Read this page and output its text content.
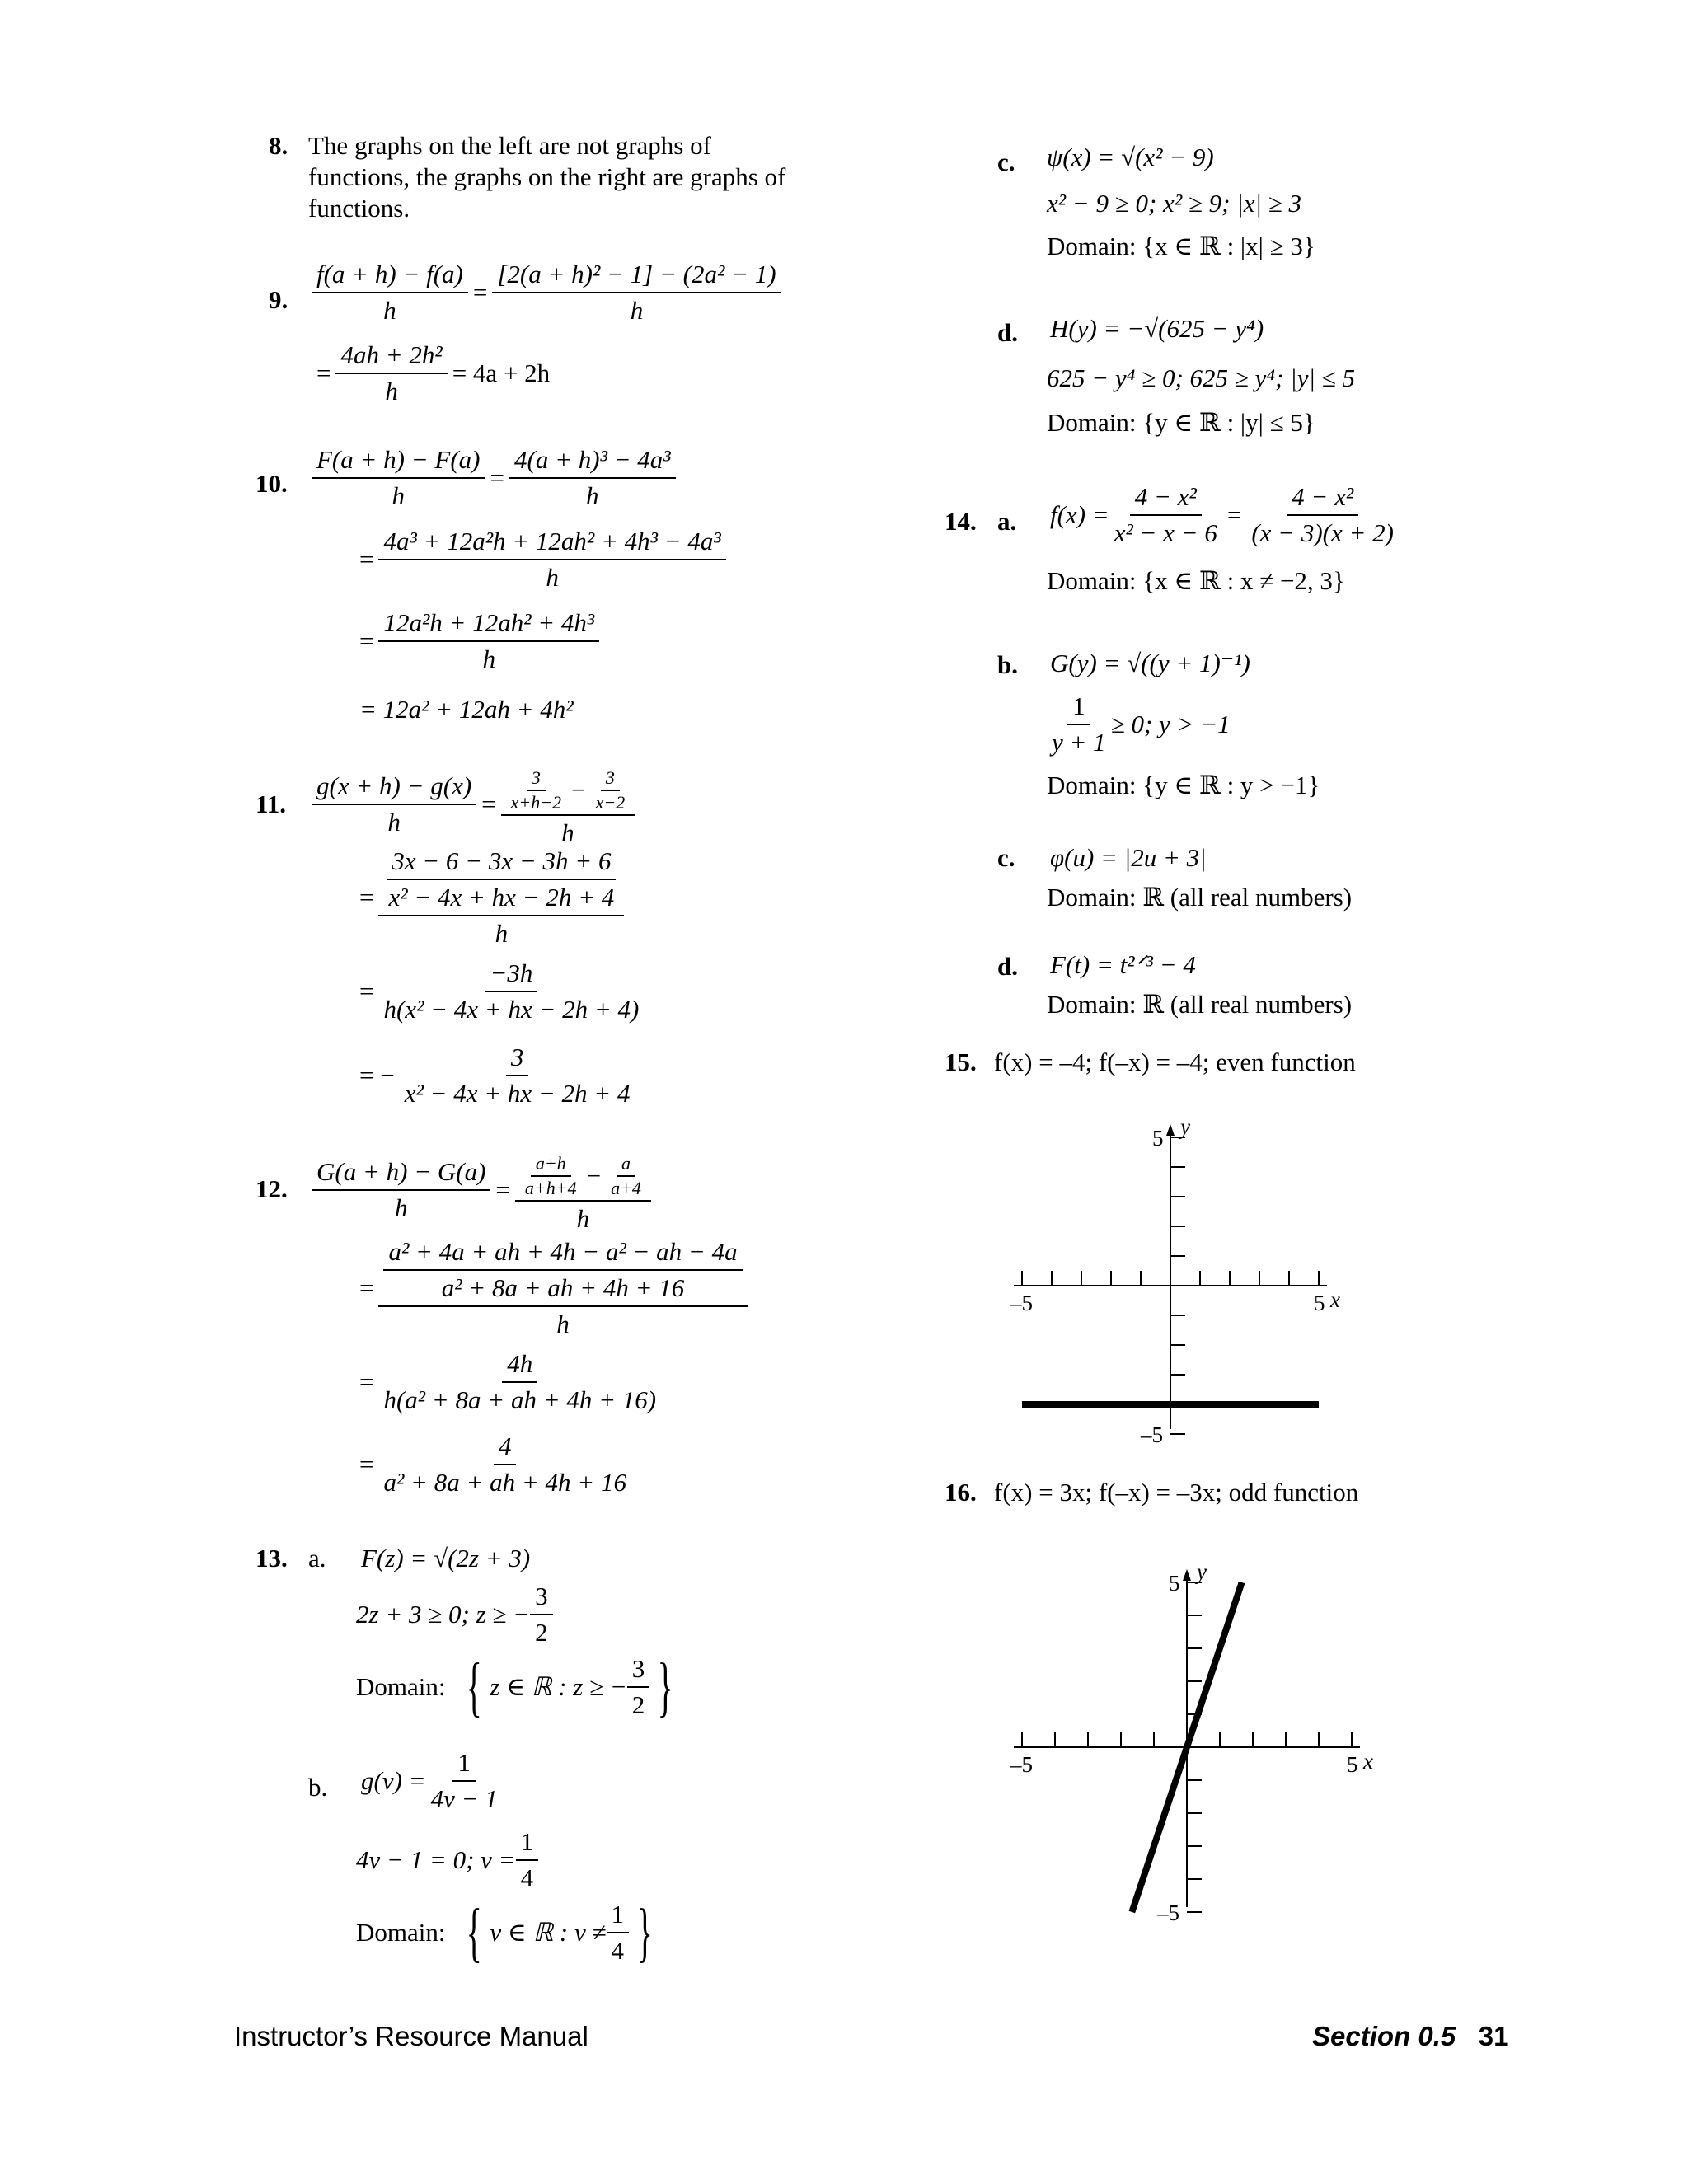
8. The graphs on the left are not graphs of
functions, the graphs on the right are graphs of
functions.
9. $\frac{f(a + h) - f(a)}{h} = \frac{\text{[2(a + h)² − 1] − (2a² − 1)}}{h}$
= $\frac{\text{4ah + 2h²}}{h} = 4a + 2h$
10. $\frac{F(a + h) - F(a)}{h} = \frac{\text{4(a + h)³ − 4a³}}{h}$
= $\frac{\text{4a³ + 12a²h + 12ah² + 4h³ − 4a³}}{h}$
= $\frac{\text{12a²h + 12ah² + 4h³}}{h}$
= 12a² + 12ah + 4h²
11. $\frac{g(x + h) - g(x)}{h} = \frac{\frac{3}{x+h-2} - \frac{3}{x-2}}{h}$
= $\frac{\frac{3x - 6 - 3x - 3h + 6}{\text{x² − 4x + hx − 2h + 4}}}{h}$
= $\frac{-3h}{\text{h(x² − 4x + hx − 2h + 4)}}$
= − $\frac{3}{\text{x² − 4x + hx − 2h + 4}}$
12. $\frac{G(a + h) - G(a)}{h} = \frac{\frac{a+h}{a+h+4} - \frac{a}{a+4}}{h}$
= $\frac{\frac{\text{a² + 4a + ah + 4h − a² − ah − 4a}}{\text{a² + 8a + ah + 4h + 16}}}{h}$
= $\frac{4h}{\text{h(a² + 8a + ah + 4h + 16)}}$
= $\frac{4}{\text{a² + 8a + ah + 4h + 16}}$
13. a. F(z) = √(2z + 3)
2z + 3 ≥ 0; z ≥ − $\frac{3}{2}$
Domain:
{ z ∈ ℝ : z ≥ − $\frac{3}{2}$ }
b. $g(v) = \frac{1}{4v - 1}$
4v − 1 = 0; $v = \frac{1}{4}$
Domain:
{ v ∈ ℝ : $v \ne \frac{1}{4}$ }
c. ψ(x) = √(x² − 9)
x² − 9 ≥ 0; x² ≥ 9; |x| ≥ 3
Domain: {x ∈ ℝ : |x| ≥ 3}
d. H(y) = −√(625 − y⁴)
625 − y⁴ ≥ 0; 625 ≥ y⁴; |y| ≤ 5
Domain: {y ∈ ℝ : |y| ≤ 5}
14. a. $f(x) = \frac{\text{4 − x²}}{\text{x² − x − 6}} = \frac{\text{4 − x²}}{(x - 3)(x + 2)}$
Domain: {x ∈ ℝ : x ≠ −2, 3}
b. G(y) = √((y + 1)⁻¹)
$\frac{1}{y + 1} \ge 0$; y > −1
Domain: {y ∈ ℝ : y > −1}
c. φ(u) = |2u + 3|
Domain: ℝ (all real numbers)
d. F(t) = t²ᐟ³ − 4
Domain: ℝ (all real numbers)
15. f(x) = –4; f(–x) = –4; even function
–5	5
5
–5
x
y
16. f(x) = 3x; f(–x) = –3x; odd function
–5	5
5
–5
x
y
Instructor’s Resource Manual	Section 0.5 31
